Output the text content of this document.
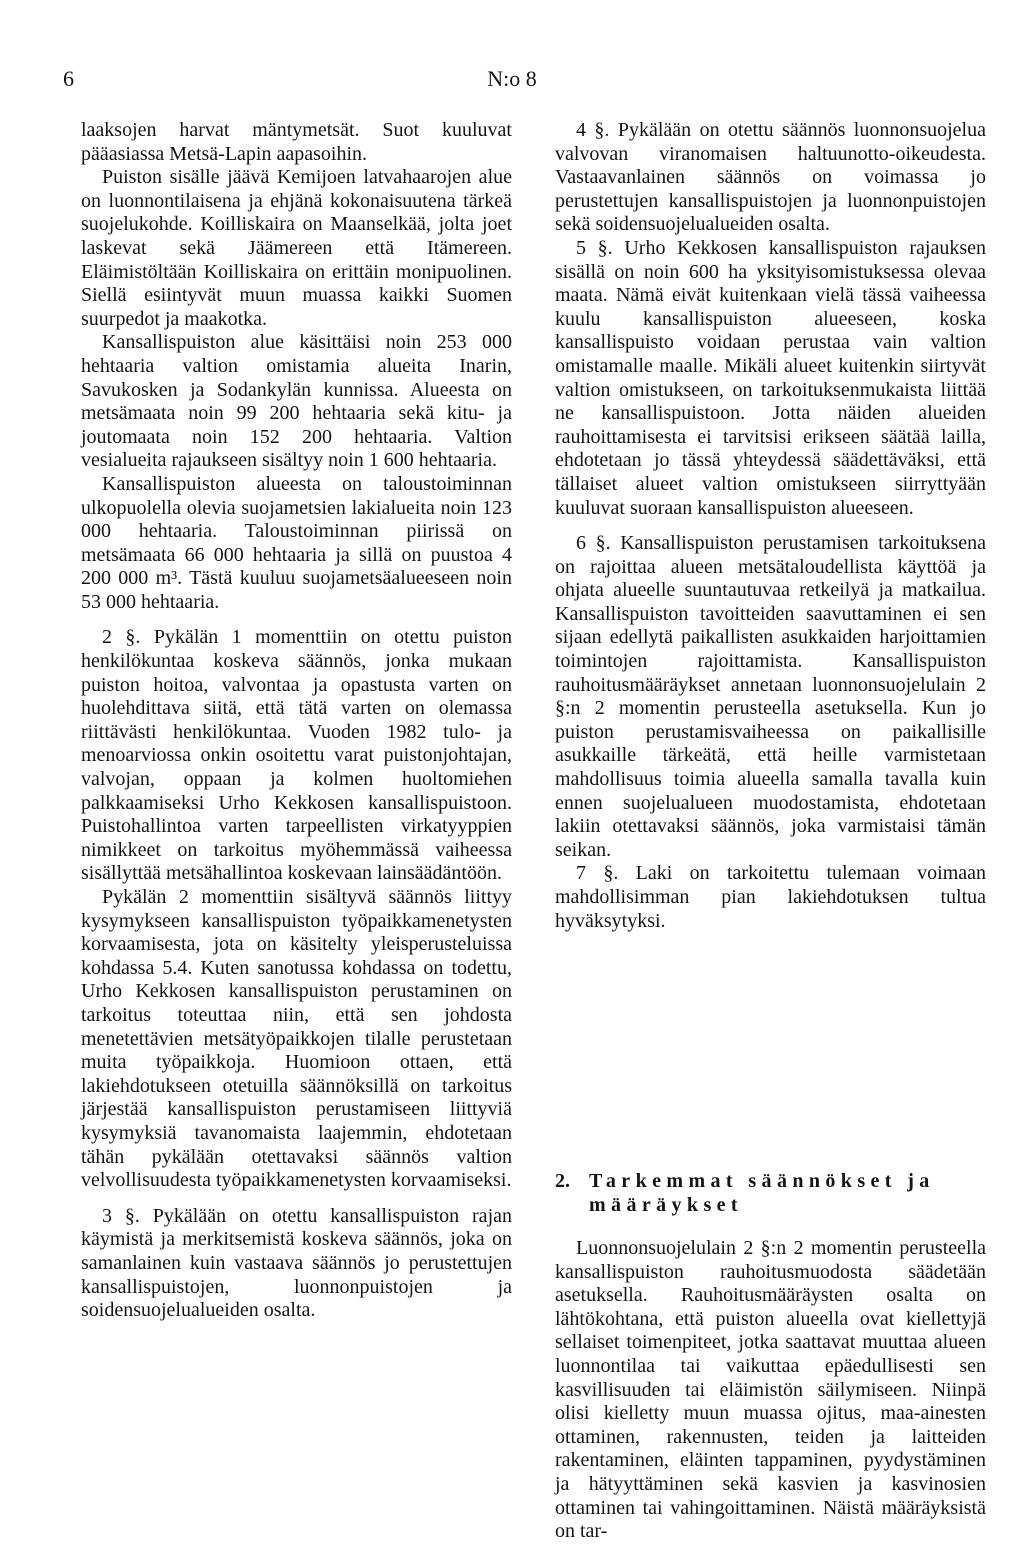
6	N:o 8

laaksojen harvat mäntymetsät. Suot kuuluvat pääasiassa Metsä-Lapin aapasoihin.

Puiston sisälle jäävä Kemijoen latvahaarojen alue on luonnontilaisena ja ehjänä kokonaisuutena tärkeä suojelukohde. Koilliskaira on Maanselkää, jolta joet laskevat sekä Jäämereen että Itämereen. Eläimistöltään Koilliskaira on erittäin monipuolinen. Siellä esiintyvät muun muassa kaikki Suomen suurpedot ja maakotka.

Kansallispuiston alue käsittäisi noin 253 000 hehtaaria valtion omistamia alueita Inarin, Savukosken ja Sodankylän kunnissa. Alueesta on metsämaata noin 99 200 hehtaaria sekä kitu- ja joutomaata noin 152 200 hehtaaria. Valtion vesialueita rajaukseen sisältyy noin 1 600 hehtaaria.

Kansallispuiston alueesta on taloustoiminnan ulkopuolella olevia suojametsien lakialueita noin 123 000 hehtaaria. Taloustoiminnan piirissä on metsämaata 66 000 hehtaaria ja sillä on puustoa 4 200 000 m³. Tästä kuuluu suojametsäalueeseen noin 53 000 hehtaaria.

2 §. Pykälän 1 momenttiin on otettu puiston henkilökuntaa koskeva säännös, jonka mukaan puiston hoitoa, valvontaa ja opastusta varten on huolehdittava siitä, että tätä varten on olemassa riittävästi henkilökuntaa. Vuoden 1982 tulo- ja menoarviossa onkin osoitettu varat puistonjohtajan, valvojan, oppaan ja kolmen huoltomiehen palkkaamiseksi Urho Kekkosen kansallispuistoon. Puistohallintoa varten tarpeellisten virkatyyppien nimikkeet on tarkoitus myöhemmässä vaiheessa sisällyttää metsähallintoa koskevaan lainsäädäntöön.

Pykälän 2 momenttiin sisältyvä säännös liittyy kysymykseen kansallispuiston työpaikkamenetysten korvaamisesta, jota on käsitelty yleisperusteluissa kohdassa 5.4. Kuten sanotussa kohdassa on todettu, Urho Kekkosen kansallispuiston perustaminen on tarkoitus toteuttaa niin, että sen johdosta menetettävien metsätyöpaikkojen tilalle perustetaan muita työpaikkoja. Huomioon ottaen, että lakiehdotukseen otetuilla säännöksillä on tarkoitus järjestää kansallispuiston perustamiseen liittyviä kysymyksiä tavanomaista laajemmin, ehdotetaan tähän pykälään otettavaksi säännös valtion velvollisuudesta työpaikkamenetysten korvaamiseksi.

3 §. Pykälään on otettu kansallispuiston rajan käymistä ja merkitsemistä koskeva säännös, joka on samanlainen kuin vastaava säännös jo perustettujen kansallispuistojen, luonnonpuistojen ja soidensuojelualueiden osalta.

4 §. Pykälään on otettu säännös luonnonsuojelua valvovan viranomaisen haltuunotto-oikeudesta. Vastaavanlainen säännös on voimassa jo perustettujen kansallispuistojen ja luonnonpuistojen sekä soidensuojelualueiden osalta.

5 §. Urho Kekkosen kansallispuiston rajauksen sisällä on noin 600 ha yksityisomistuksessa olevaa maata. Nämä eivät kuitenkaan vielä tässä vaiheessa kuulu kansallispuiston alueeseen, koska kansallispuisto voidaan perustaa vain valtion omistamalle maalle. Mikäli alueet kuitenkin siirtyvät valtion omistukseen, on tarkoituksenmukaista liittää ne kansallispuistoon. Jotta näiden alueiden rauhoittamisesta ei tarvitsisi erikseen säätää lailla, ehdotetaan jo tässä yhteydessä säädettäväksi, että tällaiset alueet valtion omistukseen siirryttyään kuuluvat suoraan kansallispuiston alueeseen.

6 §. Kansallispuiston perustamisen tarkoituksena on rajoittaa alueen metsätaloudellista käyttöä ja ohjata alueelle suuntautuvaa retkeilyä ja matkailua. Kansallispuiston tavoitteiden saavuttaminen ei sen sijaan edellytä paikallisten asukkaiden harjoittamien toimintojen rajoittamista. Kansallispuiston rauhoitusmääräykset annetaan luonnonsuojelulain 2 §:n 2 momentin perusteella asetuksella. Kun jo puiston perustamisvaiheessa on paikallisille asukkaille tärkeätä, että heille varmistetaan mahdollisuus toimia alueella samalla tavalla kuin ennen suojelualueen muodostamista, ehdotetaan lakiin otettavaksi säännös, joka varmistaisi tämän seikan.

7 §. Laki on tarkoitettu tulemaan voimaan mahdollisimman pian lakiehdotuksen tultua hyväksytyksi.

2. Tarkemmat säännökset ja
määräykset

Luonnonsuojelulain 2 §:n 2 momentin perusteella kansallispuiston rauhoitusmuodosta säädetään asetuksella. Rauhoitusmääräysten osalta on lähtökohtana, että puiston alueella ovat kiellettyjä sellaiset toimenpiteet, jotka saattavat muuttaa alueen luonnontilaa tai vaikuttaa epäedullisesti sen kasvillisuuden tai eläimistön säilymiseen. Niinpä olisi kielletty muun muassa ojitus, maa-ainesten ottaminen, rakennusten, teiden ja laitteiden rakentaminen, eläinten tappaminen, pyydystäminen ja hätyyttäminen sekä kasvien ja kasvinosien ottaminen tai vahingoittaminen. Näistä määräyksistä on tar-
